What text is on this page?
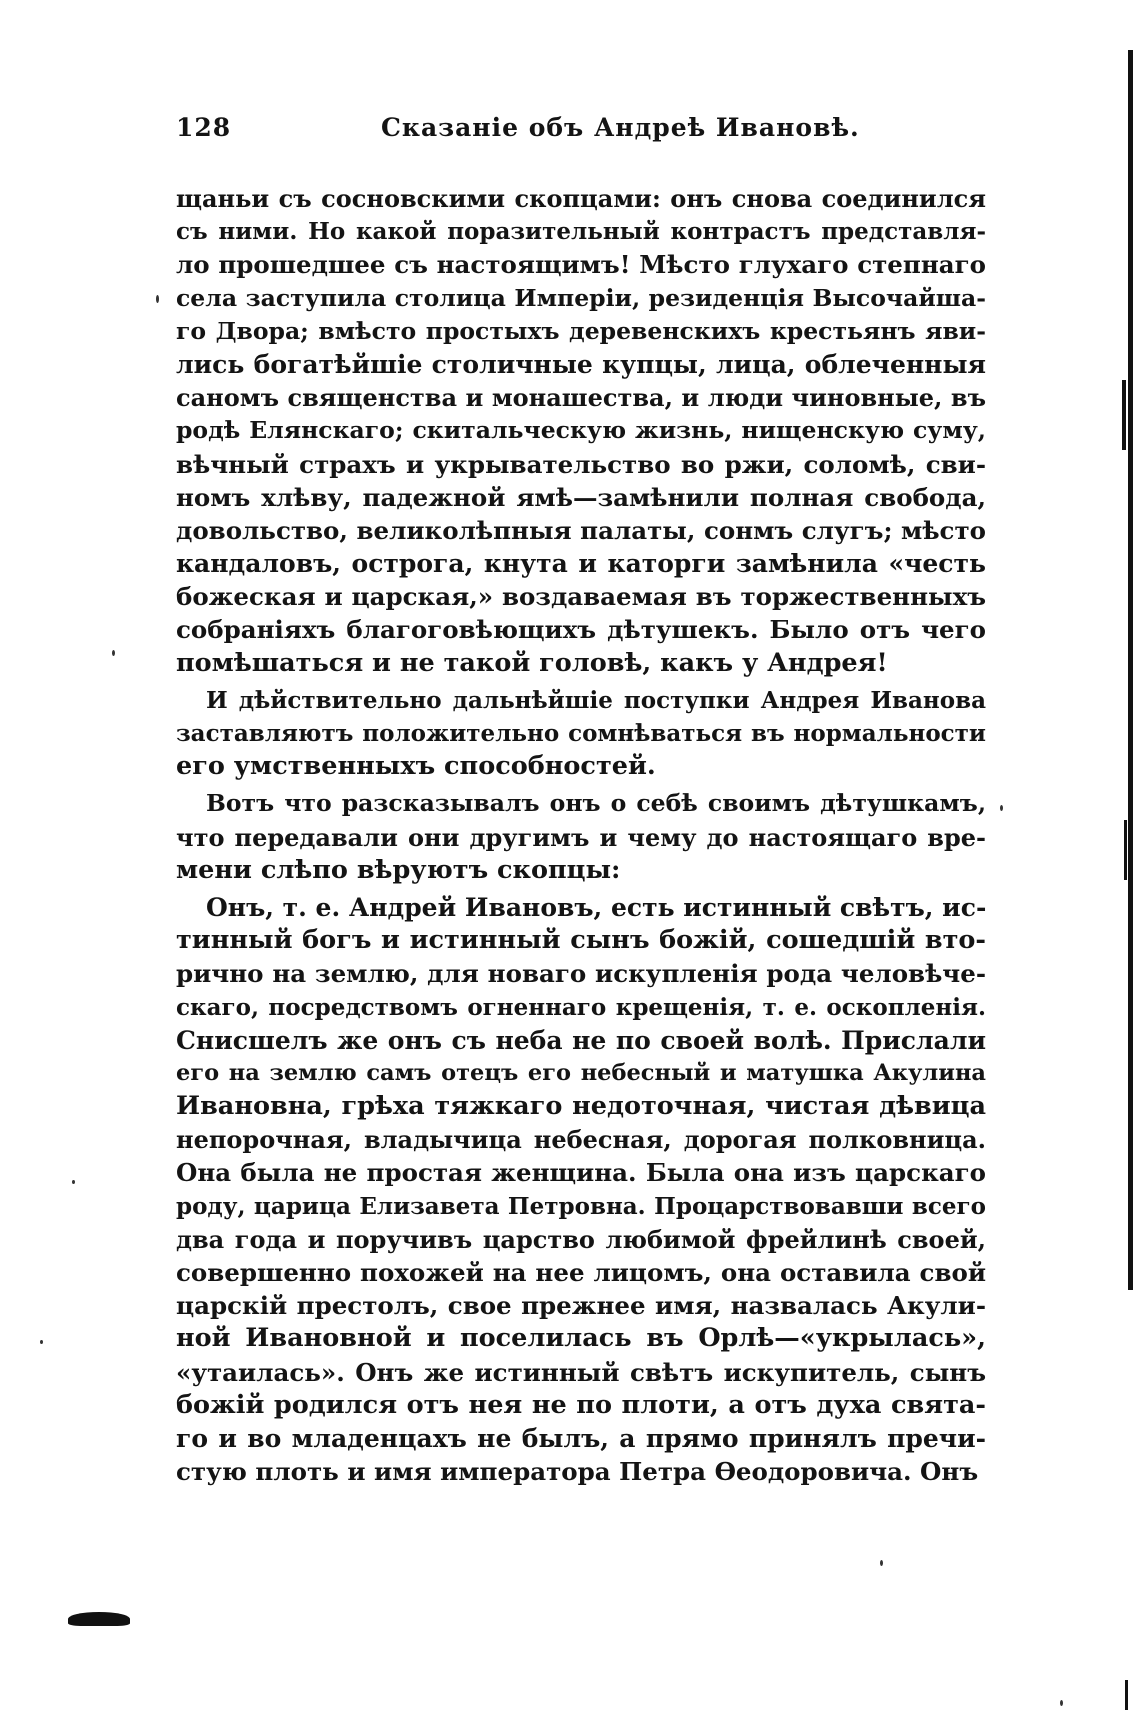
128	Сказаніе объ Андреѣ Ивановѣ.
щаньи съ сосновскими скопцами: онъ снова соединился
съ ними. Но какой поразительный контрастъ представля-
ло прошедшее съ настоящимъ! Мѣсто глухаго степнаго
села заступила столица Имперіи, резиденція Высочайша-
го Двора; вмѣсто простыхъ деревенскихъ крестьянъ яви-
лись богатѣйшіе столичные купцы, лица, облеченныя
саномъ священства и монашества, и люди чиновные, въ
родѣ Елянскаго; скитальческую жизнь, нищенскую суму,
вѣчный страхъ и укрывательство во ржи, соломѣ, сви-
номъ хлѣву, падежной ямѣ—замѣнили полная свобода,
довольство, великолѣпныя палаты, сонмъ слугъ; мѣсто
кандаловъ, острога, кнута и каторги замѣнила «честь
божеская и царская,» воздаваемая въ торжественныхъ
собраніяхъ благоговѣющихъ дѣтушекъ. Было отъ чего
помѣшаться и не такой головѣ, какъ у Андрея!
И дѣйствительно дальнѣйшіе поступки Андрея Иванова
заставляютъ положительно сомнѣваться въ нормальности
его умственныхъ способностей.
Вотъ что разсказывалъ онъ о себѣ своимъ дѣтушкамъ,
что передавали они другимъ и чему до настоящаго вре-
мени слѣпо вѣруютъ скопцы:
Онъ, т. е. Андрей Ивановъ, есть истинный свѣтъ, ис-
тинный богъ и истинный сынъ божій, сошедшій вто-
рично на землю, для новаго искупленія рода человѣче-
скаго, посредствомъ огненнаго крещенія, т. е. оскопленія.
Снисшелъ же онъ съ неба не по своей волѣ. Прислали
его на землю самъ отецъ его небесный и матушка Акулина
Ивановна, грѣха тяжкаго недоточная, чистая дѣвица
непорочная, владычица небесная, дорогая полковница.
Она была не простая женщина. Была она изъ царскаго
роду, царица Елизавета Петровна. Процарствовавши всего
два года и поручивъ царство любимой фрейлинѣ своей,
совершенно похожей на нее лицомъ, она оставила свой
царскій престолъ, свое прежнее имя, назвалась Акули-
ной Ивановной и поселилась въ Орлѣ—«укрылась»,
«утаилась». Онъ же истинный свѣтъ искупитель, сынъ
божій родился отъ нея не по плоти, а отъ духа свята-
го и во младенцахъ не былъ, а прямо принялъ пречи-
стую плоть и имя императора Петра Ѳеодоровича. Онъ
